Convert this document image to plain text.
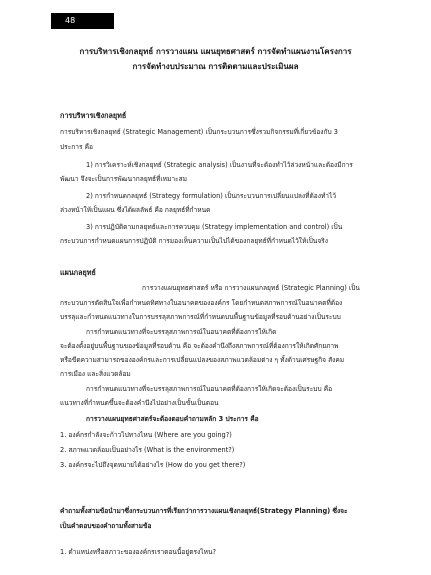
48
การบริหารเชิงกลยุทธ์ การวางแผน แผนยุทธศาสตร์ การจัดทำแผนงานโครงการ
การจัดทำงบประมาณ การติดตามและประเมินผล
การบริหารเชิงกลยุทธ์
การบริหารเชิงกลยุทธ์ (Strategic Management) เป็นกระบวนการซึ่งรวมกิจกรรมที่เกี่ยวข้องกับ 3
ประการ คือ
1) การวิเคราะห์เชิงกลยุทธ์ (Strategic analysis) เป็นงานที่จะต้องทำไว้ล่วงหน้าและต้องมีการ
พัฒนา จึงจะเป็นการพัฒนากลยุทธ์ที่เหมาะสม
2) การกำหนดกลยุทธ์ (Strategy formulation) เป็นกระบวนการเปลี่ยนแปลงที่ต้องทำไว้
ล่วงหน้าให้เป็นแผน ซึ่งได้ผลลัพธ์ คือ กลยุทธ์ที่กำหนด
3) การปฏิบัติตามกลยุทธ์และการควบคุม (Strategy implementation and control) เป็น
กระบวนการกำหนดแผนการปฏิบัติ การมองเห็นความเป็นไปได้ของกลยุทธ์ที่กำหนดไว้ให้เป็นจริง
แผนกลยุทธ์
การวางแผนยุทธศาสตร์ หรือ การวางแผนกลยุทธ์ (Strategic Planning) เป็น
กระบวนการตัดสินใจเพื่อกำหนดทิศทางในอนาคตขององค์กร โดยกำหนดสภาพการณ์ในอนาคตที่ต้อง
บรรลุและกำหนดแนวทางในการบรรลุสภาพการณ์ที่กำหนดบนพื้นฐานข้อมูลที่รอบด้านอย่างเป็นระบบ
การกำหนดแนวทางที่จะบรรลุสภาพการณ์ในอนาคตที่ต้องการให้เกิด
จะต้องตั้งอยู่บนพื้นฐานของข้อมูลที่รอบด้าน คือ จะต้องคำนึงถึงสภาพการณ์ที่ต้องการให้เกิดศักยภาพ
หรือขีดความสามารถขององค์กรและการเปลี่ยนแปลงของสภาพแวดล้อมต่าง ๆ ทั้งด้านเศรษฐกิจ สังคม
การเมือง และสิ่งแวดล้อม
การกำหนดแนวทางที่จะบรรลุสภาพการณ์ในอนาคตที่ต้องการให้เกิดจะต้องเป็นระบบ คือ
แนวทางที่กำหนดขึ้นจะต้องคำนึงไปอย่างเป็นขั้นเป็นตอน
การวางแผนยุทธศาสตร์จะต้องตอบคำถามหลัก 3 ประการ คือ
1. องค์กรกำลังจะก้าวไปทางไหน (Where are you going?)
2. สภาพแวดล้อมเป็นอย่างไร (What is the environment?)
3. องค์กรจะไปถึงจุดหมายได้อย่างไร (How do you get there?)
คำถามทั้งสามข้อนำมาซึ่งกระบวนการที่เรียกว่าการวางแผนเชิงกลยุทธ์(Strategy Planning) ซึ่งจะ
เป็นคำตอบของคำถามทั้งสามข้อ
1. ตำแหน่งหรือสภาวะขององค์กรเราตอนนี้อยู่ตรงไหน?
